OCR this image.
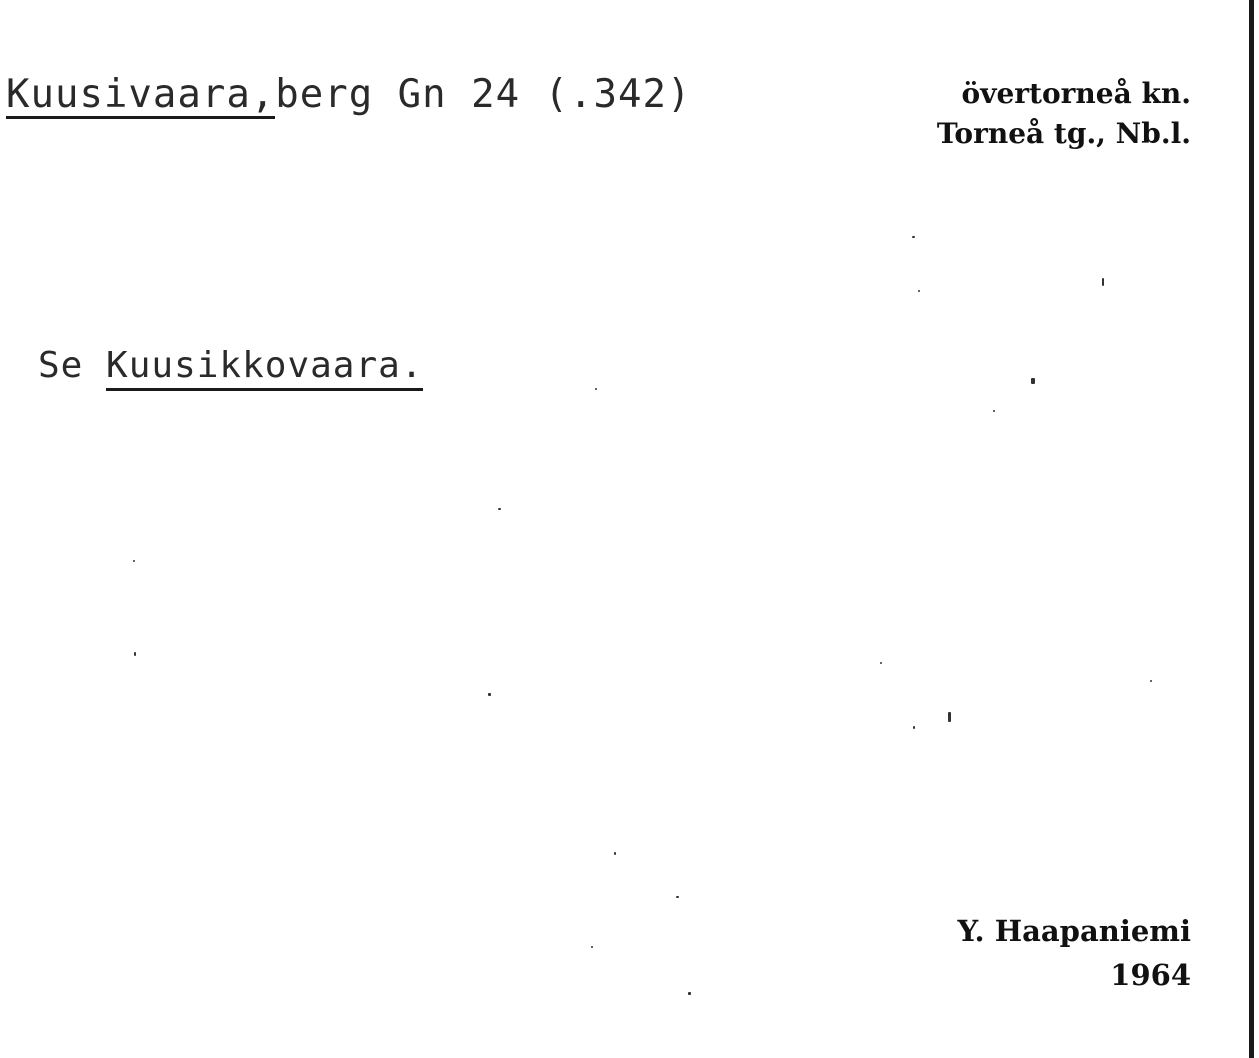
Kuusivaara,berg Gn 24 (.342)	övertorneå kn.
Torneå tg., Nb.l.
Se Kuusikkovaara.
Y. Haapaniemi
1964
